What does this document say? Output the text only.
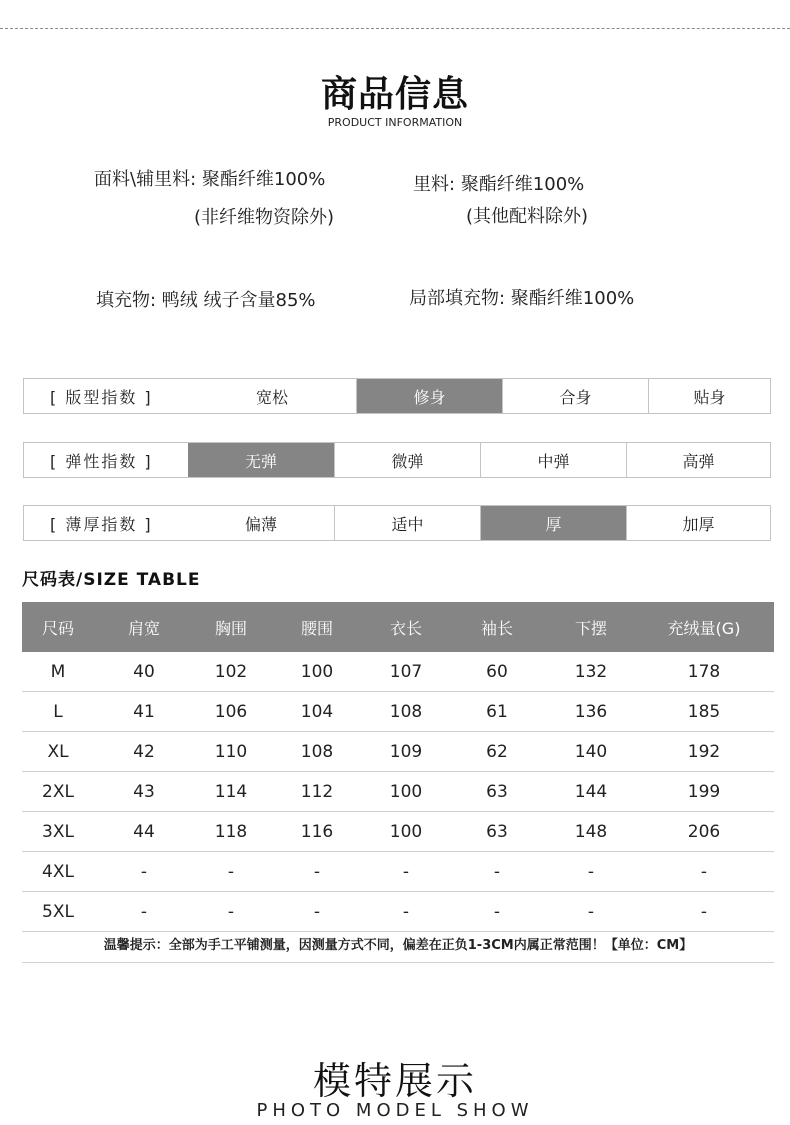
商品信息
PRODUCT INFORMATION
面料\辅里料: 聚酯纤维100%
(非纤维物资除外)
里料: 聚酯纤维100%
(其他配料除外)
填充物: 鸭绒 绒子含量85%	局部填充物: 聚酯纤维100%
[ 版型指数 ]	宽松	修身	合身	贴身
[ 弹性指数 ]	无弹	微弹	中弹	高弹
[ 薄厚指数 ]	偏薄	适中	厚	加厚
尺码表/SIZE TABLE
尺码	肩宽	胸围	腰围	衣长	袖长	下摆	充绒量(G)
M	40	102	100	107	60	132	178
L	41	106	104	108	61	136	185
XL	42	110	108	109	62	140	192
2XL	43	114	112	100	63	144	199
3XL	44	118	116	100	63	148	206
4XL	-	-	-	-	-	-	-
5XL	-	-	-	-	-	-	-
温馨提示：全部为手工平铺测量，因测量方式不同，偏差在正负1-3CM内属正常范围！【单位：CM】
模特展示
PHOTO MODEL SHOW
